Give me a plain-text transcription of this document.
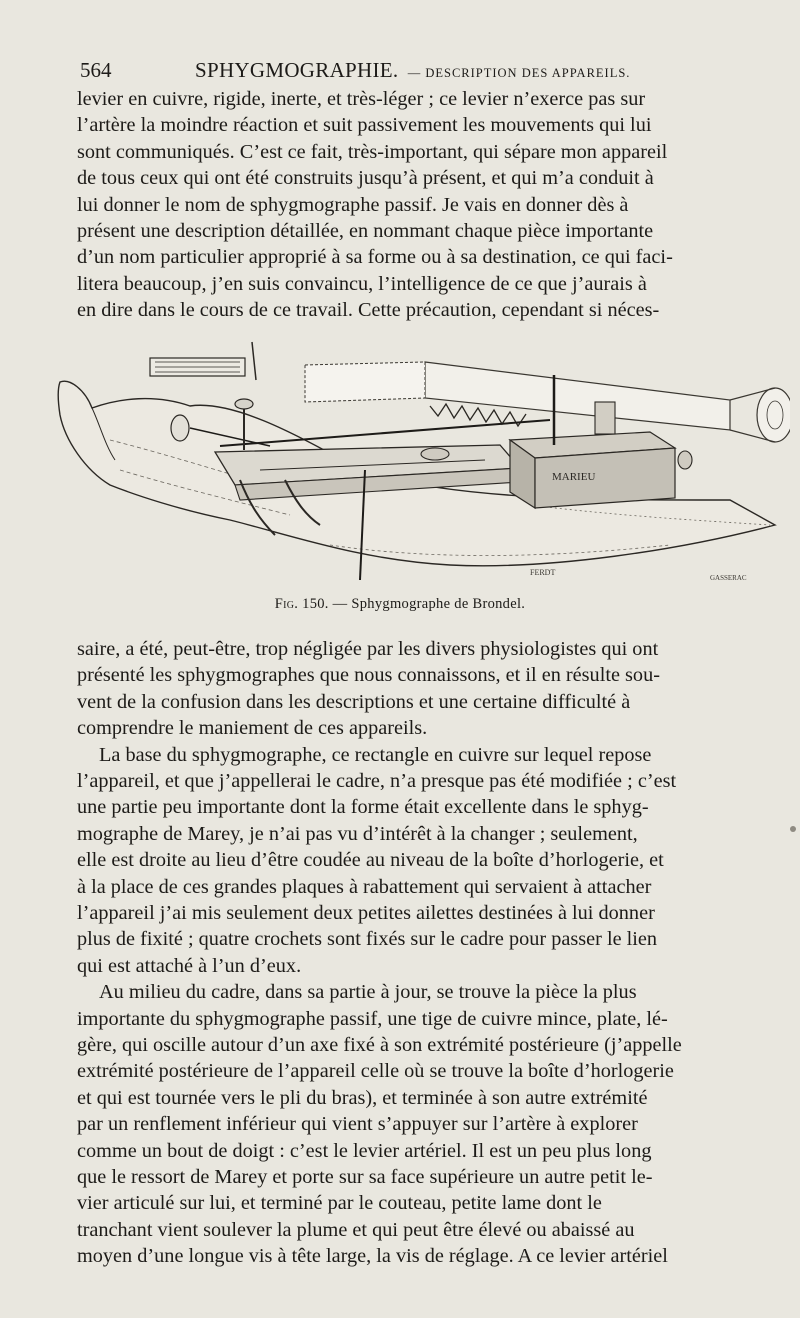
564	SPHYGMOGRAPHIE. — DESCRIPTION DES APPAREILS.
levier en cuivre, rigide, inerte, et très-léger ; ce levier n’exerce pas sur
l’artère la moindre réaction et suit passivement les mouvements qui lui
sont communiqués. C’est ce fait, très-important, qui sépare mon appareil
de tous ceux qui ont été construits jusqu’à présent, et qui m’a conduit à
lui donner le nom de sphygmographe passif. Je vais en donner dès à
présent une description détaillée, en nommant chaque pièce importante
d’un nom particulier approprié à sa forme ou à sa destination, ce qui faci-
litera beaucoup, j’en suis convaincu, l’intelligence de ce que j’aurais à
en dire dans le cours de ce travail. Cette précaution, cependant si néces-
MARIEU
FERDT
GASSERAC
Fig. 150. — Sphygmographe de Brondel.
saire, a été, peut-être, trop négligée par les divers physiologistes qui ont
présenté les sphygmographes que nous connaissons, et il en résulte sou-
vent de la confusion dans les descriptions et une certaine difficulté à
comprendre le maniement de ces appareils.
La base du sphygmographe, ce rectangle en cuivre sur lequel repose
l’appareil, et que j’appellerai le cadre, n’a presque pas été modifiée ; c’est
une partie peu importante dont la forme était excellente dans le sphyg-
mographe de Marey, je n’ai pas vu d’intérêt à la changer ; seulement,
elle est droite au lieu d’être coudée au niveau de la boîte d’horlogerie, et
à la place de ces grandes plaques à rabattement qui servaient à attacher
l’appareil j’ai mis seulement deux petites ailettes destinées à lui donner
plus de fixité ; quatre crochets sont fixés sur le cadre pour passer le lien
qui est attaché à l’un d’eux.
Au milieu du cadre, dans sa partie à jour, se trouve la pièce la plus
importante du sphygmographe passif, une tige de cuivre mince, plate, lé-
gère, qui oscille autour d’un axe fixé à son extrémité postérieure (j’appelle
extrémité postérieure de l’appareil celle où se trouve la boîte d’horlogerie
et qui est tournée vers le pli du bras), et terminée à son autre extrémité
par un renflement inférieur qui vient s’appuyer sur l’artère à explorer
comme un bout de doigt : c’est le levier artériel. Il est un peu plus long
que le ressort de Marey et porte sur sa face supérieure un autre petit le-
vier articulé sur lui, et terminé par le couteau, petite lame dont le
tranchant vient soulever la plume et qui peut être élevé ou abaissé au
moyen d’une longue vis à tête large, la vis de réglage. A ce levier artériel
